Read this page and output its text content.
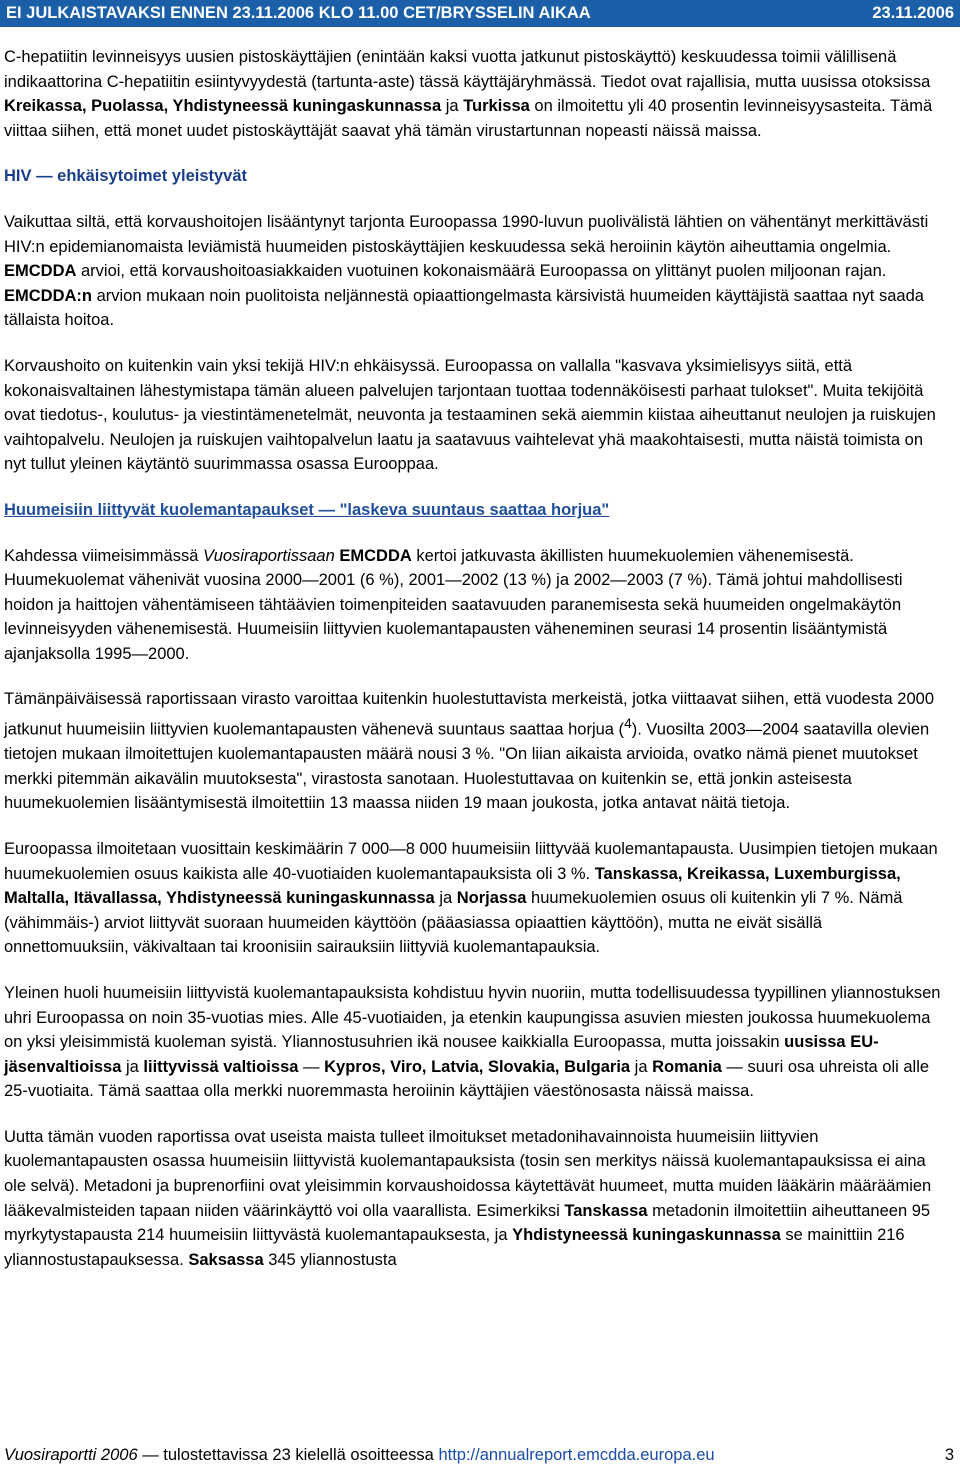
EI JULKAISTAVAKSI ENNEN 23.11.2006 KLO 11.00 CET/BRYSSELIN AIKAA	23.11.2006

C-hepatiitin levinneisyys uusien pistoskäyttäjien (enintään kaksi vuotta jatkunut pistoskäyttö) keskuudessa toimii välillisenä indikaattorina C-hepatiitin esiintyvyydestä (tartunta-aste) tässä käyttäjäryhmässä. Tiedot ovat rajallisia, mutta uusissa otoksissa Kreikassa, Puolassa, Yhdistyneessä kuningaskunnassa ja Turkissa on ilmoitettu yli 40 prosentin levinneisyysasteita. Tämä viittaa siihen, että monet uudet pistoskäyttäjät saavat yhä tämän virustartunnan nopeasti näissä maissa.

HIV — ehkäisytoimet yleistyvät

Vaikuttaa siltä, että korvaushoitojen lisääntynyt tarjonta Euroopassa 1990-luvun puolivälistä lähtien on vähentänyt merkittävästi HIV:n epidemianomaista leviämistä huumeiden pistoskäyttäjien keskuudessa sekä heroiinin käytön aiheuttamia ongelmia. EMCDDA arvioi, että korvaushoitoasiakkaiden vuotuinen kokonaismäärä Euroopassa on ylittänyt puolen miljoonan rajan. EMCDDA:n arvion mukaan noin puolitoista neljännestä opiaattiongelmasta kärsivistä huumeiden käyttäjistä saattaa nyt saada tällaista hoitoa.

Korvaushoito on kuitenkin vain yksi tekijä HIV:n ehkäisyssä. Euroopassa on vallalla "kasvava yksimielisyys siitä, että kokonaisvaltainen lähestymistapa tämän alueen palvelujen tarjontaan tuottaa todennäköisesti parhaat tulokset". Muita tekijöitä ovat tiedotus-, koulutus- ja viestintämenetelmät, neuvonta ja testaaminen sekä aiemmin kiistaa aiheuttanut neulojen ja ruiskujen vaihtopalvelu. Neulojen ja ruiskujen vaihtopalvelun laatu ja saatavuus vaihtelevat yhä maakohtaisesti, mutta näistä toimista on nyt tullut yleinen käytäntö suurimmassa osassa Eurooppaa.

Huumeisiin liittyvät kuolemantapaukset — "laskeva suuntaus saattaa horjua"

Kahdessa viimeisimmässä Vuosiraportissaan EMCDDA kertoi jatkuvasta äkillisten huumekuolemien vähenemisestä. Huumekuolemat vähenivät vuosina 2000—2001 (6 %), 2001—2002 (13 %) ja 2002—2003 (7 %). Tämä johtui mahdollisesti hoidon ja haittojen vähentämiseen tähtäävien toimenpiteiden saatavuuden paranemisesta sekä huumeiden ongelmakäytön levinneisyyden vähenemisestä. Huumeisiin liittyvien kuolemantapausten väheneminen seurasi 14 prosentin lisääntymistä ajanjaksolla 1995—2000.

Tämänpäiväisessä raportissaan virasto varoittaa kuitenkin huolestuttavista merkeistä, jotka viittaavat siihen, että vuodesta 2000 jatkunut huumeisiin liittyvien kuolemantapausten vähenevä suuntaus saattaa horjua ($^4$). Vuosilta 2003—2004 saatavilla olevien tietojen mukaan ilmoitettujen kuolemantapausten määrä nousi 3 %. "On liian aikaista arvioida, ovatko nämä pienet muutokset merkki pitemmän aikavälin muutoksesta", virastosta sanotaan. Huolestuttavaa on kuitenkin se, että jonkin asteisesta huumekuolemien lisääntymisestä ilmoitettiin 13 maassa niiden 19 maan joukosta, jotka antavat näitä tietoja.

Euroopassa ilmoitetaan vuosittain keskimäärin 7 000—8 000 huumeisiin liittyvää kuolemantapausta. Uusimpien tietojen mukaan huumekuolemien osuus kaikista alle 40-vuotiaiden kuolemantapauksista oli 3 %. Tanskassa, Kreikassa, Luxemburgissa, Maltalla, Itävallassa, Yhdistyneessä kuningaskunnassa ja Norjassa huumekuolemien osuus oli kuitenkin yli 7 %. Nämä (vähimmäis-) arviot liittyvät suoraan huumeiden käyttöön (pääasiassa opiaattien käyttöön), mutta ne eivät sisällä onnettomuuksiin, väkivaltaan tai kroonisiin sairauksiin liittyviä kuolemantapauksia.

Yleinen huoli huumeisiin liittyvistä kuolemantapauksista kohdistuu hyvin nuoriin, mutta todellisuudessa tyypillinen yliannostuksen uhri Euroopassa on noin 35-vuotias mies. Alle 45-vuotiaiden, ja etenkin kaupungissa asuvien miesten joukossa huumekuolema on yksi yleisimmistä kuoleman syistä. Yliannostusuhrien ikä nousee kaikkialla Euroopassa, mutta joissakin uusissa EU-jäsenvaltioissa ja liittyvissä valtioissa — Kypros, Viro, Latvia, Slovakia, Bulgaria ja Romania — suuri osa uhreista oli alle 25-vuotiaita. Tämä saattaa olla merkki nuoremmasta heroiinin käyttäjien väestönosasta näissä maissa.

Uutta tämän vuoden raportissa ovat useista maista tulleet ilmoitukset metadonihavainnoista huumeisiin liittyvien kuolemantapausten osassa huumeisiin liittyvistä kuolemantapauksista (tosin sen merkitys näissä kuolemantapauksissa ei aina ole selvä). Metadoni ja buprenorfiini ovat yleisimmin korvaushoidossa käytettävät huumeet, mutta muiden lääkärin määräämien lääkevalmisteiden tapaan niiden väärinkäyttö voi olla vaarallista. Esimerkiksi Tanskassa metadonin ilmoitettiin aiheuttaneen 95 myrkytystapausta 214 huumeisiin liittyvästä kuolemantapauksesta, ja Yhdistyneessä kuningaskunnassa se mainittiin 216 yliannostustapauksessa. Saksassa 345 yliannostusta

Vuosiraportti 2006 — tulostettavissa 23 kielellä osoitteessa http://annualreport.emcdda.europa.eu	3
